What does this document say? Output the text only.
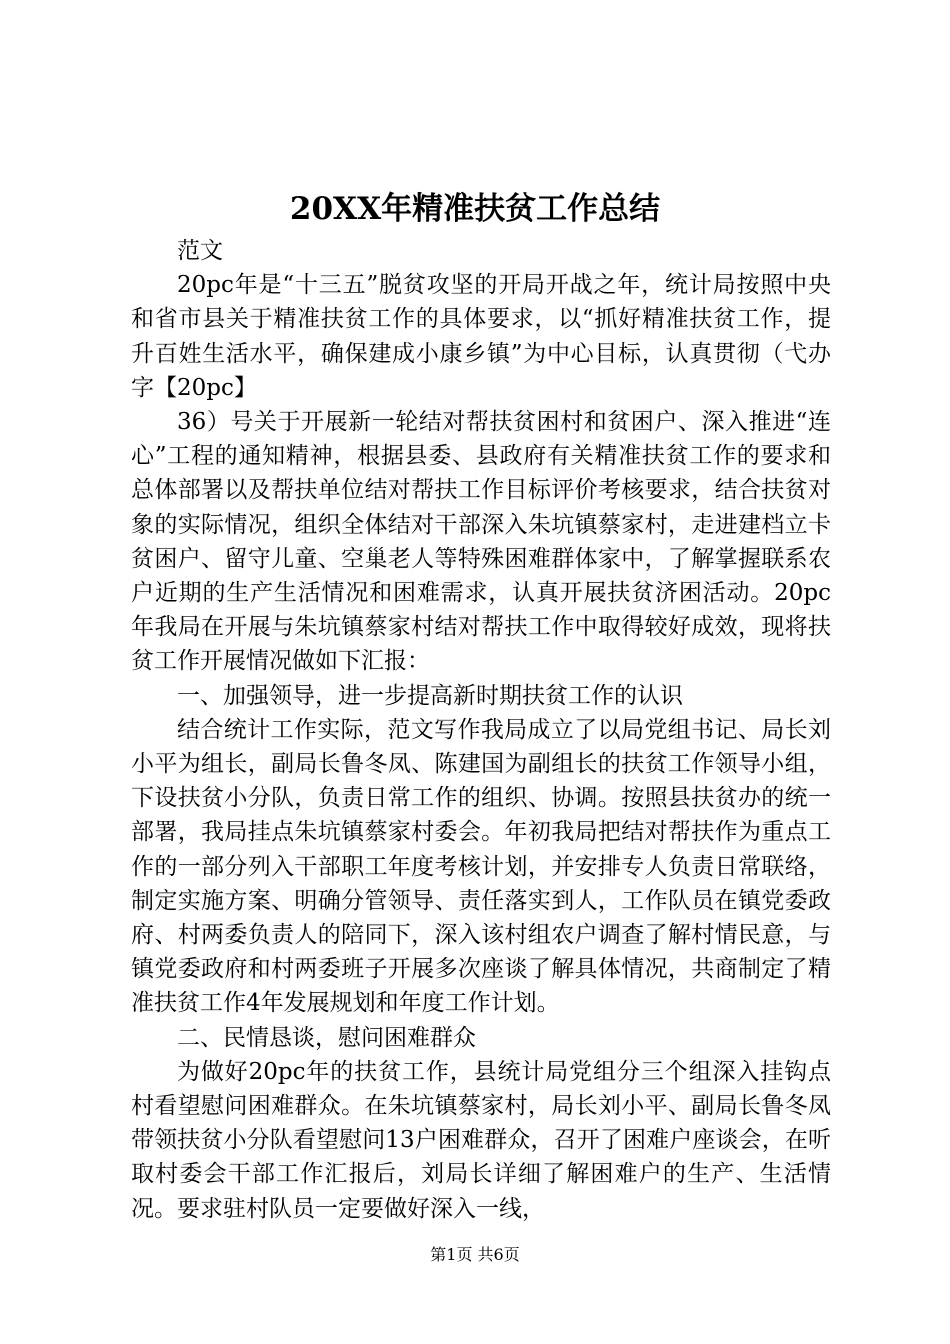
20XX年精准扶贫工作总结

范文

20pc年是“十三五”脱贫攻坚的开局开战之年，统计局按照中央和省市县关于精准扶贫工作的具体要求，以“抓好精准扶贫工作，提升百姓生活水平，确保建成小康乡镇”为中心目标，认真贯彻（弋办字【20pc】

36）号关于开展新一轮结对帮扶贫困村和贫困户、深入推进“连心”工程的通知精神，根据县委、县政府有关精准扶贫工作的要求和总体部署以及帮扶单位结对帮扶工作目标评价考核要求，结合扶贫对象的实际情况，组织全体结对干部深入朱坑镇蔡家村，走进建档立卡贫困户、留守儿童、空巢老人等特殊困难群体家中，了解掌握联系农户近期的生产生活情况和困难需求，认真开展扶贫济困活动。20pc年我局在开展与朱坑镇蔡家村结对帮扶工作中取得较好成效，现将扶贫工作开展情况做如下汇报：

一、加强领导，进一步提高新时期扶贫工作的认识

结合统计工作实际，范文写作我局成立了以局党组书记、局长刘小平为组长，副局长鲁冬凤、陈建国为副组长的扶贫工作领导小组，下设扶贫小分队，负责日常工作的组织、协调。按照县扶贫办的统一部署，我局挂点朱坑镇蔡家村委会。年初我局把结对帮扶作为重点工作的一部分列入干部职工年度考核计划，并安排专人负责日常联络，制定实施方案、明确分管领导、责任落实到人，工作队员在镇党委政府、村两委负责人的陪同下，深入该村组农户调查了解村情民意，与镇党委政府和村两委班子开展多次座谈了解具体情况，共商制定了精准扶贫工作4年发展规划和年度工作计划。

二、民情恳谈，慰问困难群众

为做好20pc年的扶贫工作，县统计局党组分三个组深入挂钩点村看望慰问困难群众。在朱坑镇蔡家村，局长刘小平、副局长鲁冬凤带领扶贫小分队看望慰问13户困难群众，召开了困难户座谈会，在听取村委会干部工作汇报后，刘局长详细了解困难户的生产、生活情况。要求驻村队员一定要做好深入一线，

第1页 共6页
